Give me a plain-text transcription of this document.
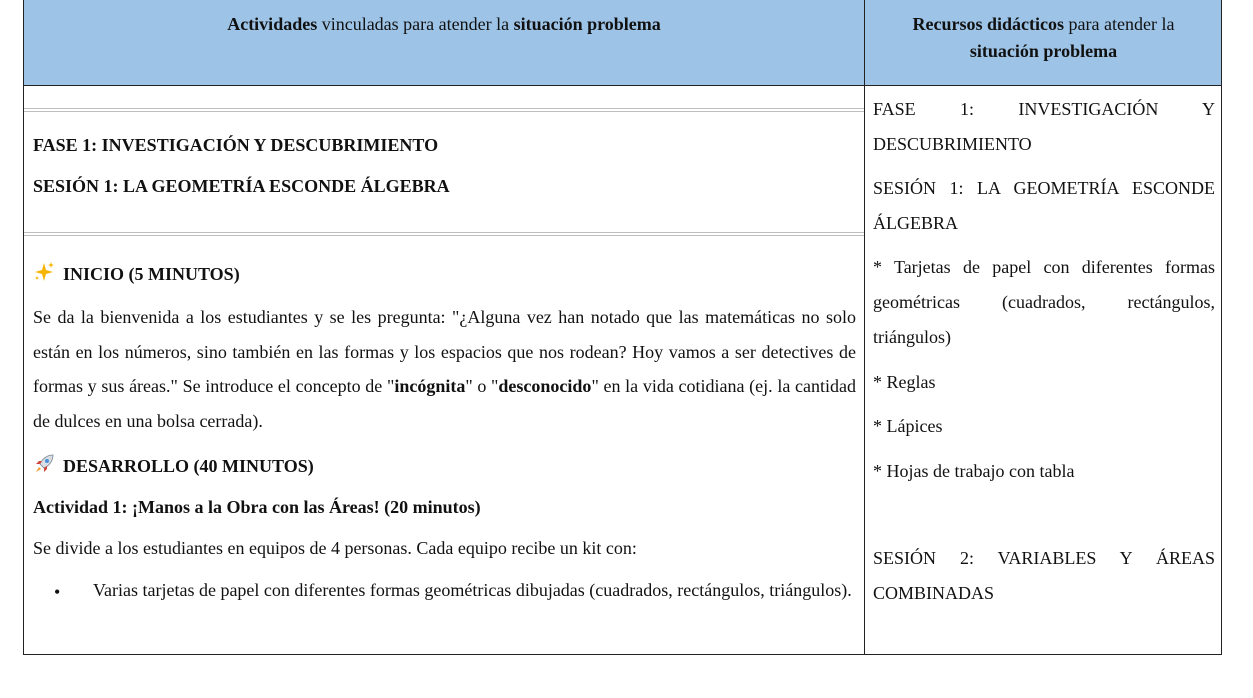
Actividades vinculadas para atender la situación problema	Recursos didácticos para atender la
situación problema
FASE 1: INVESTIGACIÓN Y DESCUBRIMIENTO
SESIÓN 1: LA GEOMETRÍA ESCONDE ÁLGEBRA
INICIO (5 MINUTOS)
Se da la bienvenida a los estudiantes y se les pregunta: "¿Alguna vez han notado que las matemáticas no solo están en los números, sino también en las formas y los espacios que nos rodean? Hoy vamos a ser detectives de formas y sus áreas." Se introduce el concepto de "incógnita" o "desconocido" en la vida cotidiana (ej. la cantidad de dulces en una bolsa cerrada).
DESARROLLO (40 MINUTOS)
Actividad 1: ¡Manos a la Obra con las Áreas! (20 minutos)
Se divide a los estudiantes en equipos de 4 personas. Cada equipo recibe un kit con:
• Varias tarjetas de papel con diferentes formas geométricas dibujadas (cuadrados, rectángulos, triángulos).
FASE 1: INVESTIGACIÓN Y DESCUBRIMIENTO
SESIÓN 1: LA GEOMETRÍA ESCONDE ÁLGEBRA
* Tarjetas de papel con diferentes formas geométricas (cuadrados, rectángulos, triángulos)
* Reglas
* Lápices
* Hojas de trabajo con tabla
SESIÓN 2: VARIABLES Y ÁREAS COMBINADAS
